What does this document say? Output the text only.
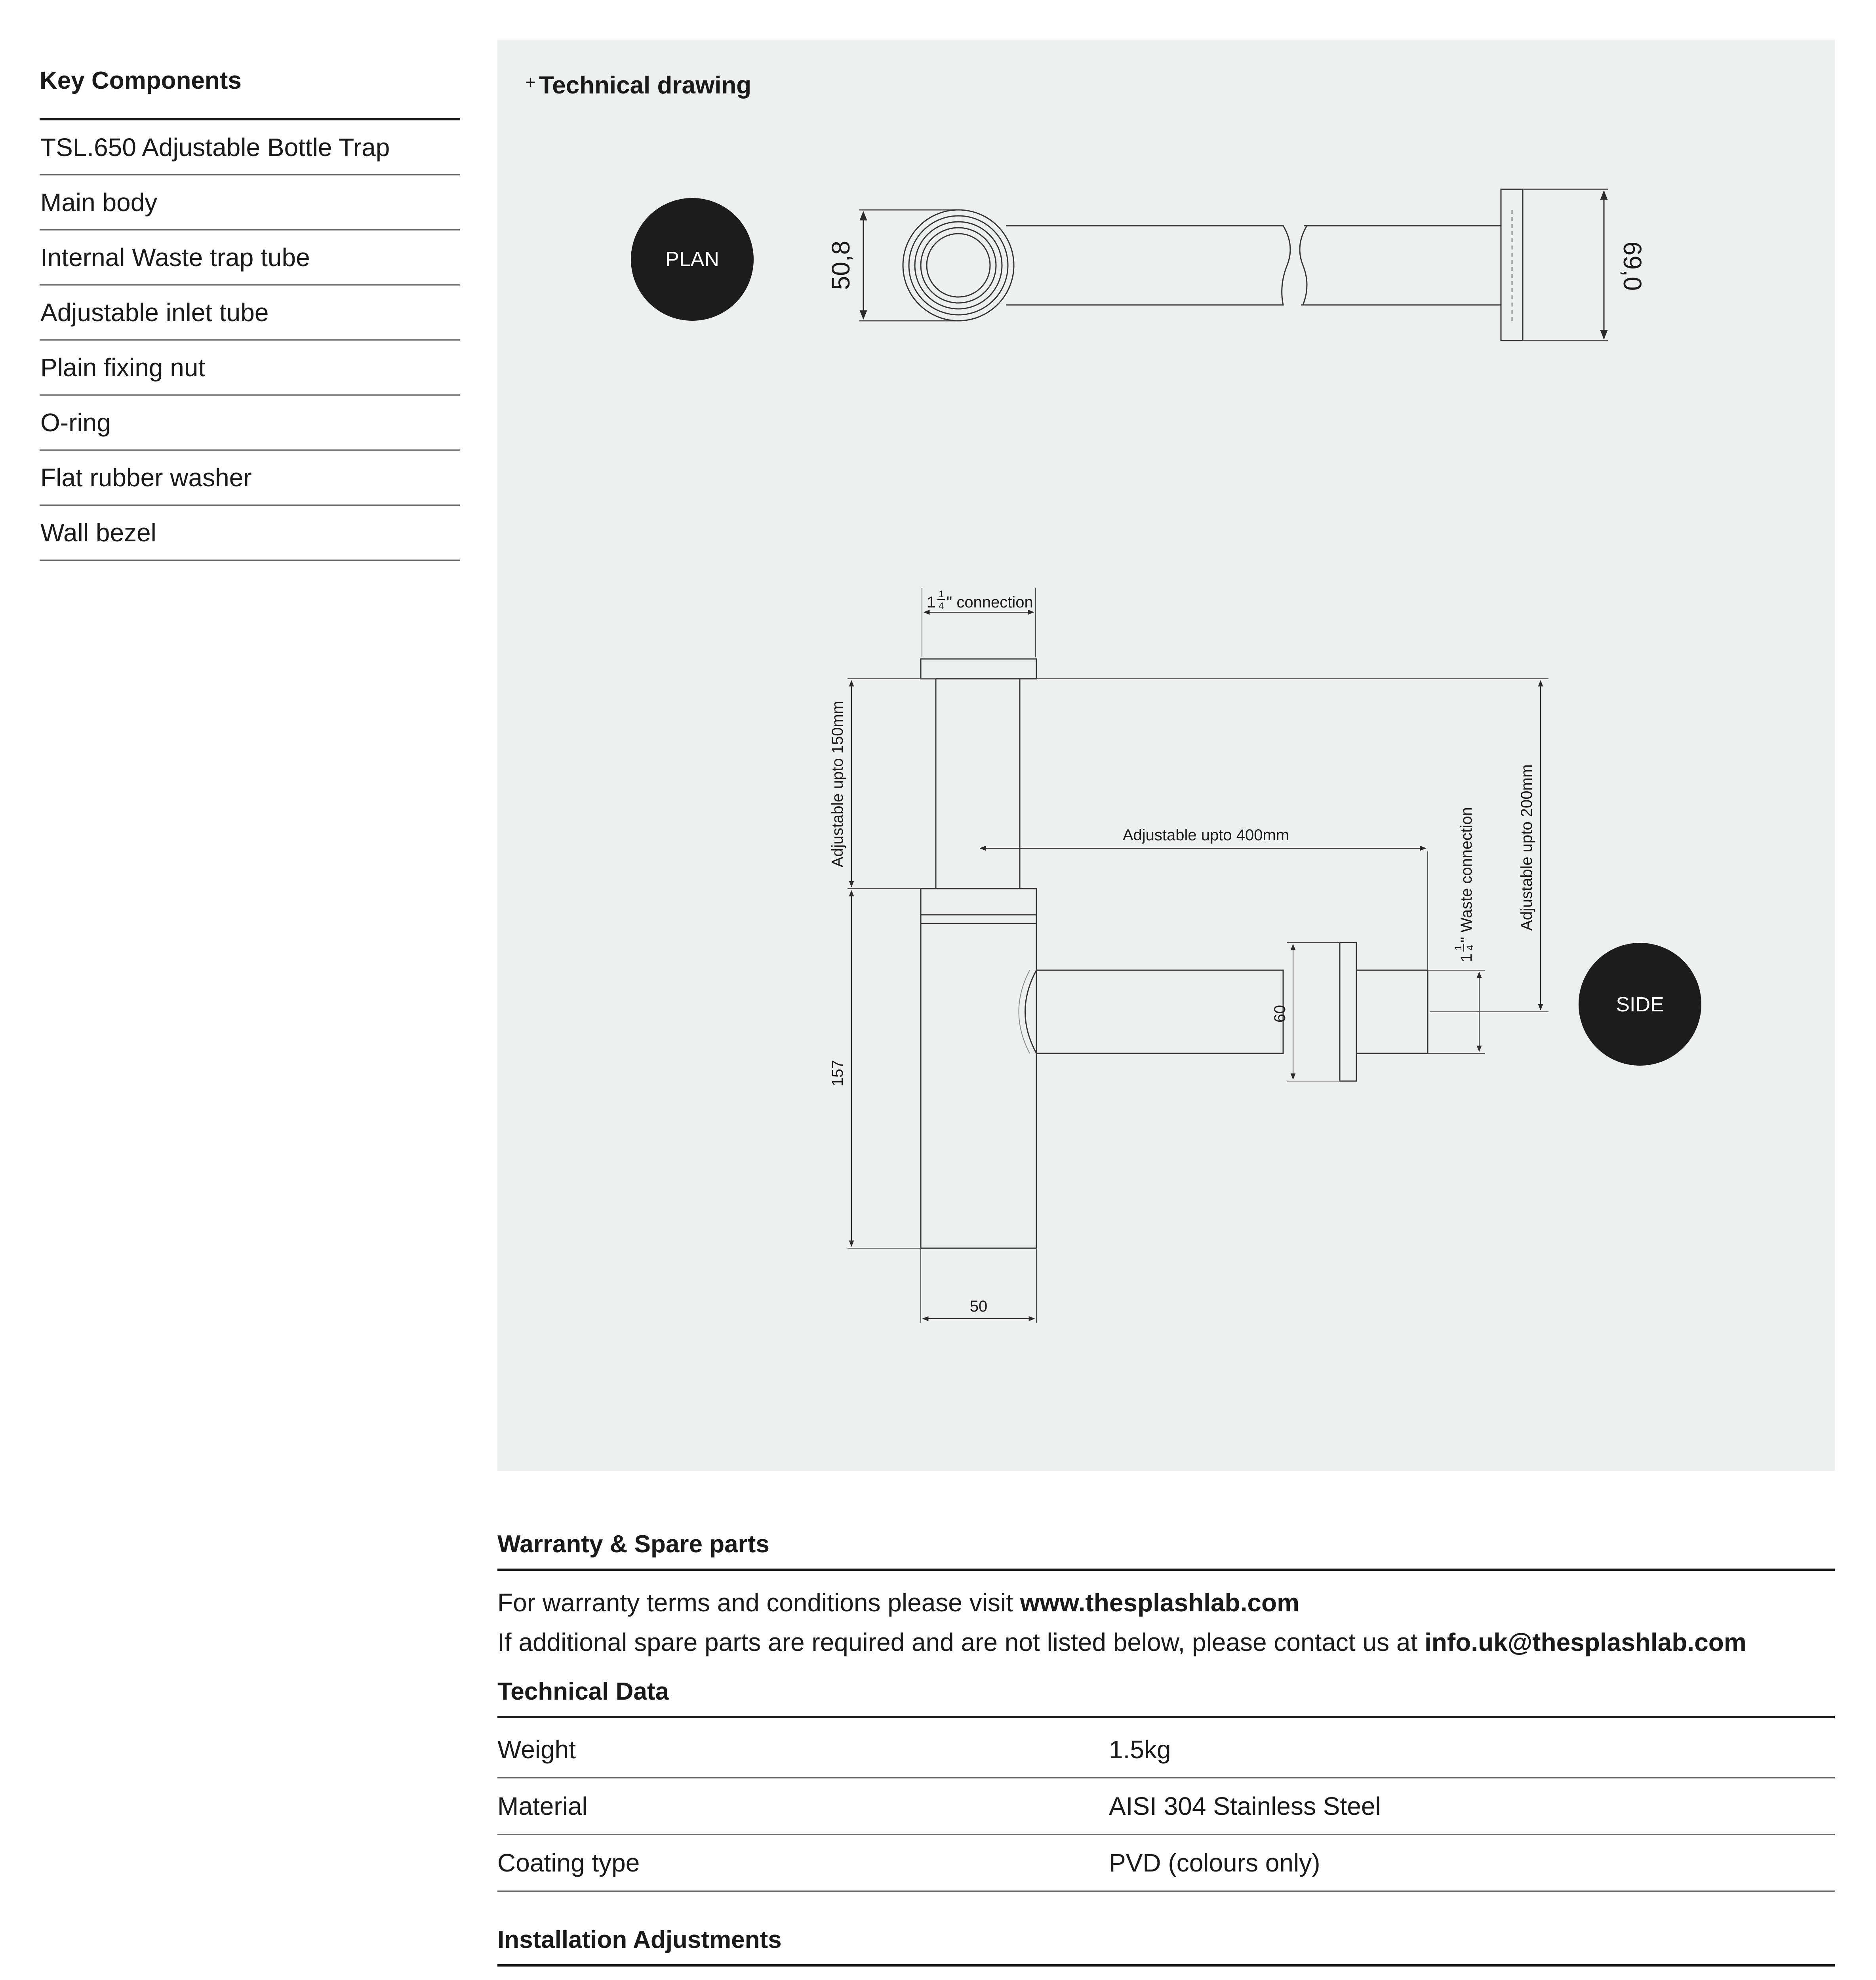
Key Components
TSL.650 Adjustable Bottle Trap
Main body
Internal Waste trap tube
Adjustable inlet tube
Plain fixing nut
O-ring
Flat rubber washer
Wall bezel
+ Technical drawing
PLAN	50,8	69,0
1 1
4 " connection
Adjustable upto 150mm
157
50
Adjustable upto 400mm
60
1
1 4
" Waste connection	Adjustable upto 200mm
SIDE
Warranty & Spare parts
For warranty terms and conditions please visit www.thesplashlab.com
If additional spare parts are required and are not listed below, please contact us at info.uk@thesplashlab.com
Technical Data
Weight	1.5kg
Material	AISI 304 Stainless Steel
Coating type	PVD (colours only)
Installation Adjustments
